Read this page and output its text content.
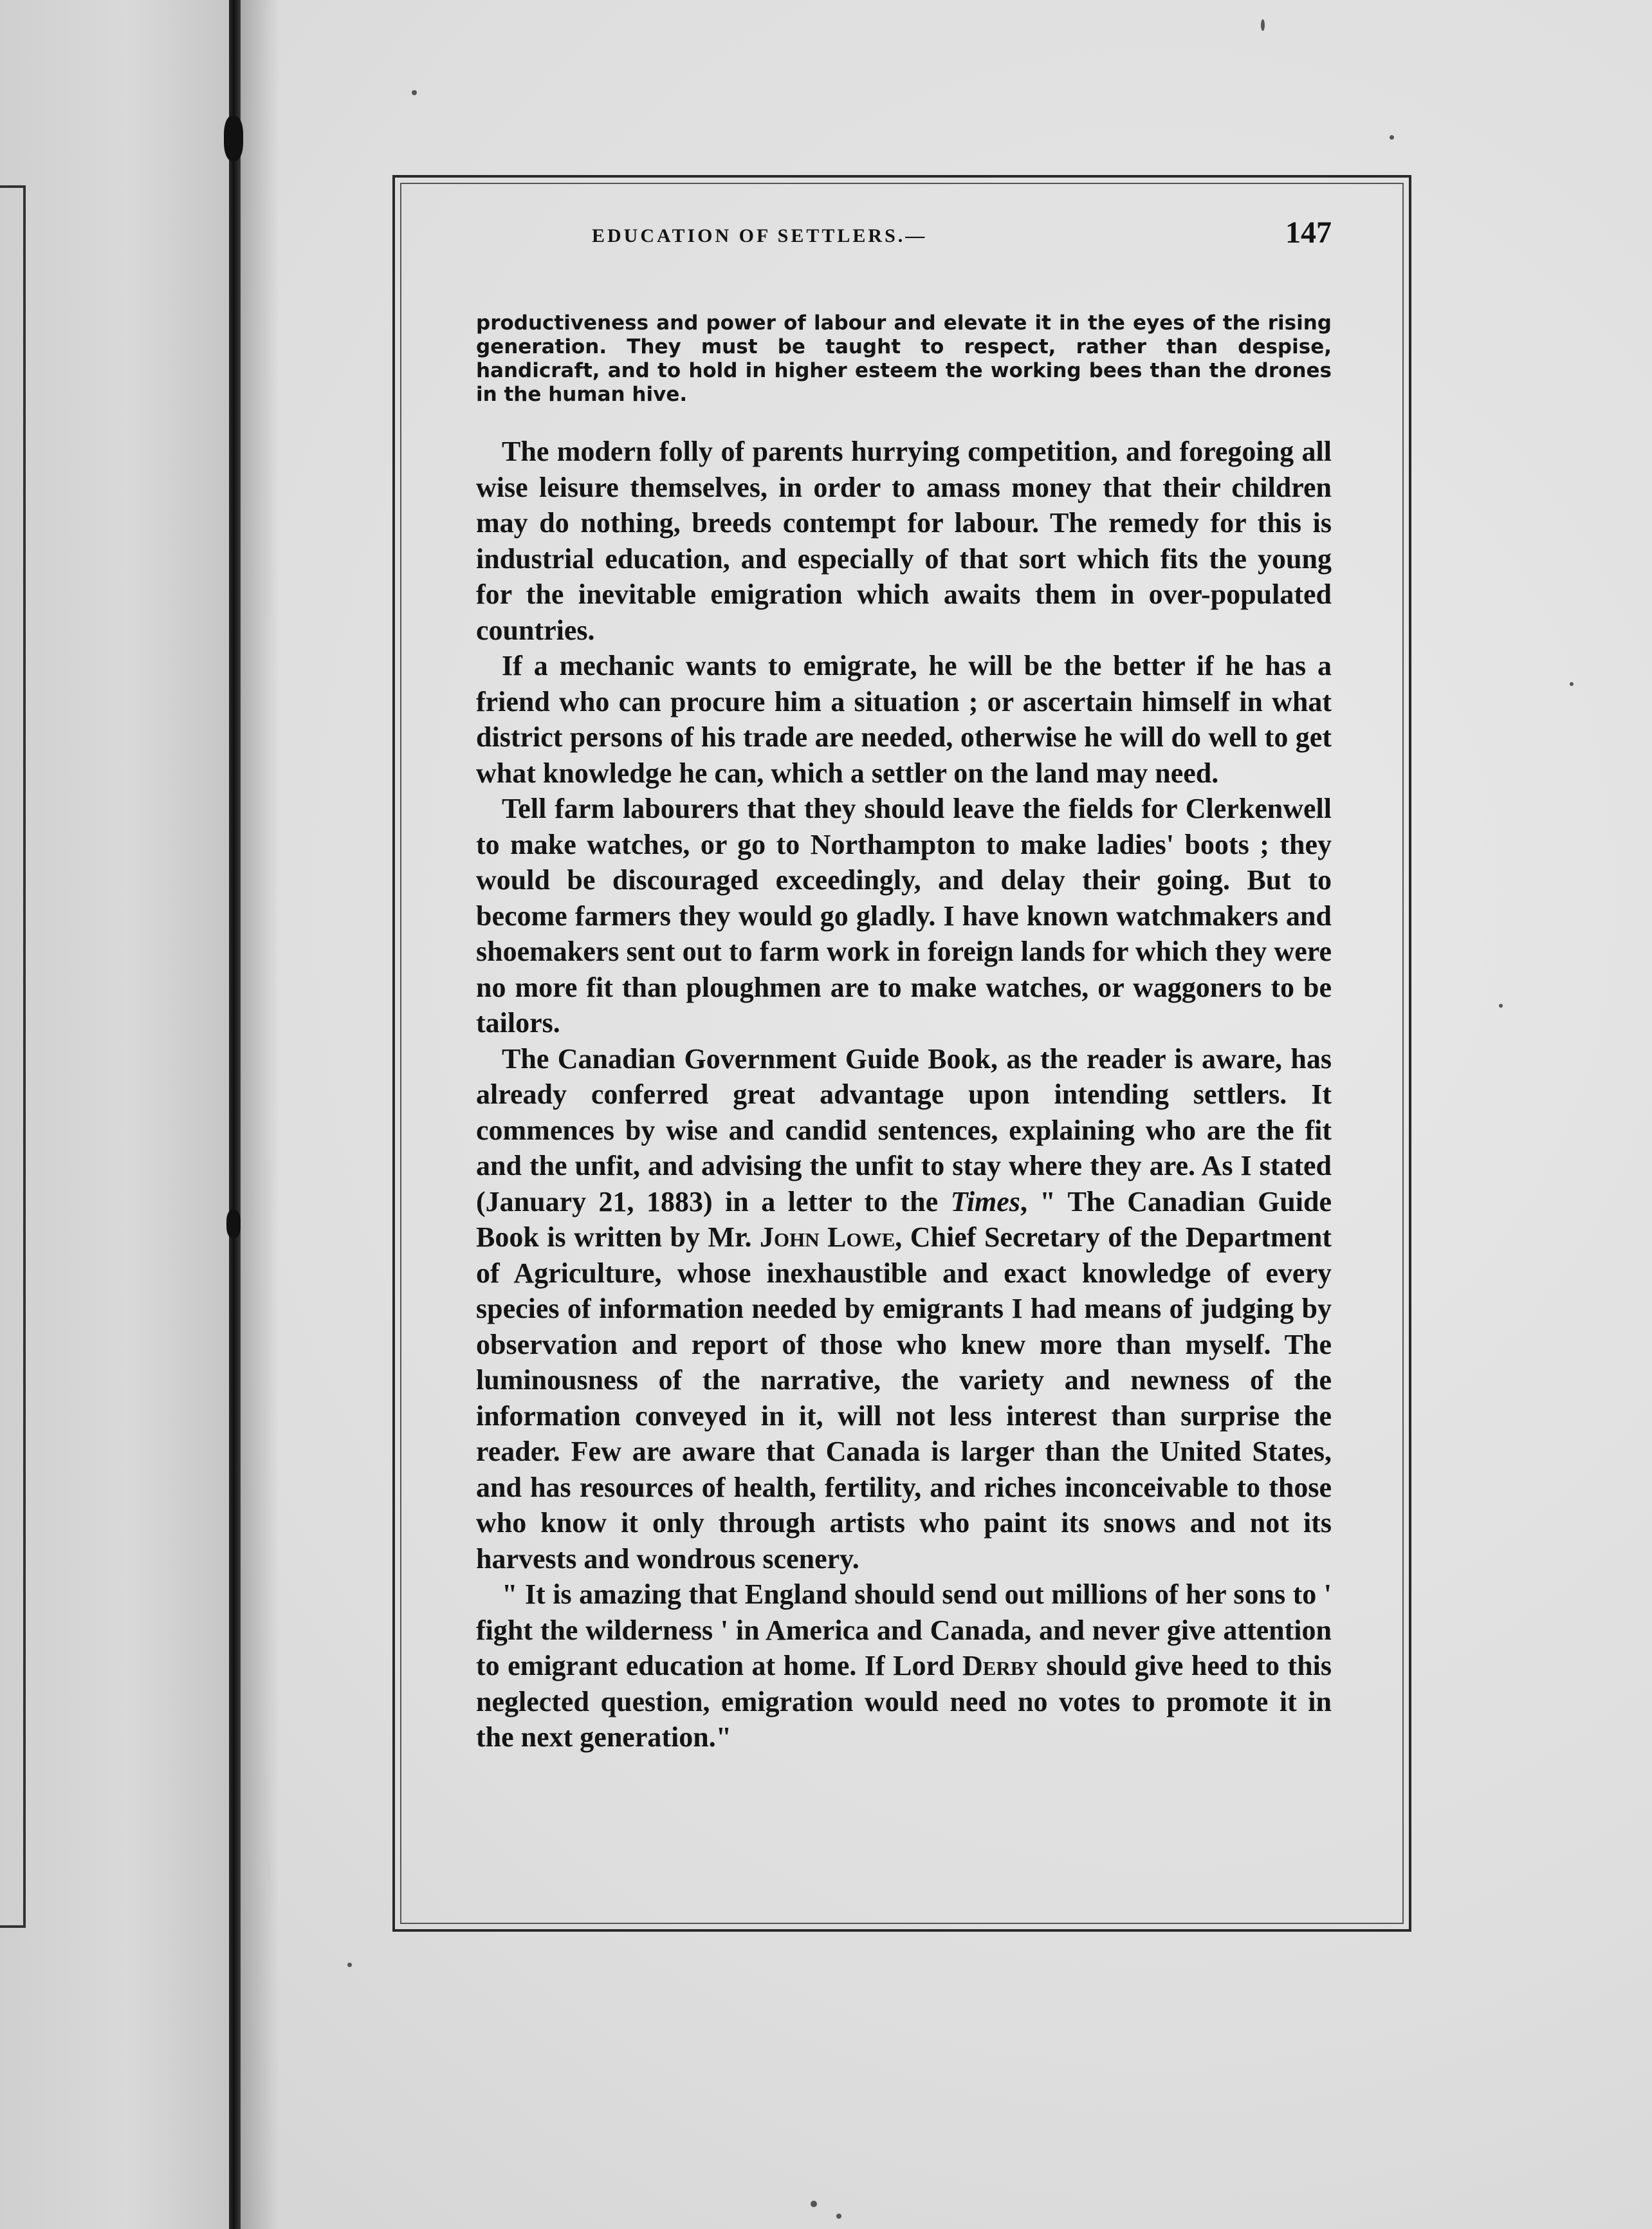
EDUCATION OF SETTLERS.—	147

productiveness and power of labour and elevate it in the eyes of the rising generation. They must be taught to respect, rather than despise, handicraft, and to hold in higher esteem the working bees than the drones in the human hive.

The modern folly of parents hurrying competition, and foregoing all wise leisure themselves, in order to amass money that their children may do nothing, breeds contempt for labour. The remedy for this is industrial education, and especially of that sort which fits the young for the inevitable emigration which awaits them in over-populated countries.

If a mechanic wants to emigrate, he will be the better if he has a friend who can procure him a situation ; or ascertain himself in what district persons of his trade are needed, otherwise he will do well to get what knowledge he can, which a settler on the land may need.

Tell farm labourers that they should leave the fields for Clerkenwell to make watches, or go to Northampton to make ladies' boots ; they would be discouraged exceedingly, and delay their going. But to become farmers they would go gladly. I have known watchmakers and shoemakers sent out to farm work in foreign lands for which they were no more fit than ploughmen are to make watches, or waggoners to be tailors.

The Canadian Government Guide Book, as the reader is aware, has already conferred great advantage upon intending settlers. It commences by wise and candid sentences, explaining who are the fit and the unfit, and advising the unfit to stay where they are. As I stated (January 21, 1883) in a letter to the Times, " The Canadian Guide Book is written by Mr. John Lowe, Chief Secretary of the Department of Agriculture, whose inexhaustible and exact knowledge of every species of information needed by emigrants I had means of judging by observation and report of those who knew more than myself. The luminousness of the narrative, the variety and newness of the information conveyed in it, will not less interest than surprise the reader. Few are aware that Canada is larger than the United States, and has resources of health, fertility, and riches inconceivable to those who know it only through artists who paint its snows and not its harvests and wondrous scenery.

" It is amazing that England should send out millions of her sons to ' fight the wilderness ' in America and Canada, and never give attention to emigrant education at home. If Lord Derby should give heed to this neglected question, emigration would need no votes to promote it in the next generation."
